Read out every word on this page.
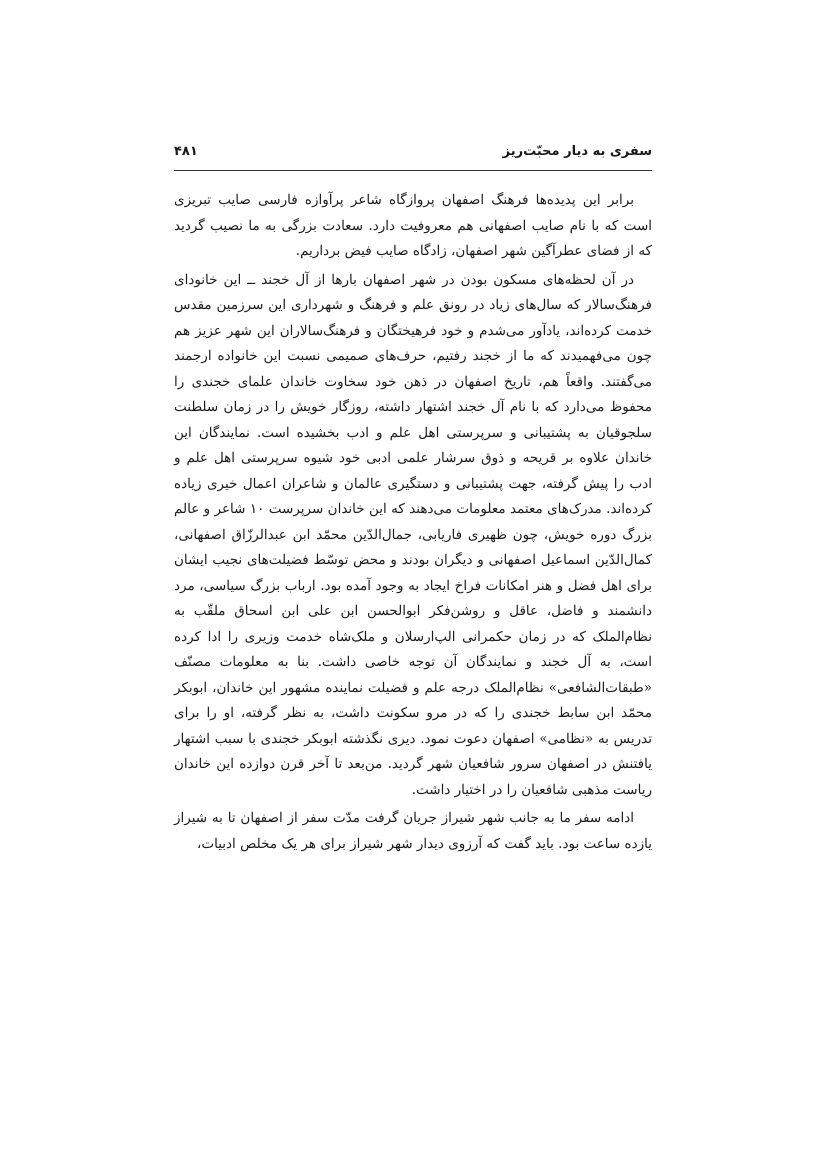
سفری به دیار محبّت‌ریز
۴۸۱

برابر این پدیده‌ها فرهنگ اصفهان پروازگاه شاعر پرآوازه فارسی صایب تبریزی است که با نام صایب اصفهانی هم معروفیت دارد. سعادت بزرگی به ما نصیب گردید که از فضای عطرآگین شهر اصفهان، زادگاه صایب فیض برداریم.

در آن لحظه‌های مسکون بودن در شهر اصفهان بارها از آل خجند ــ این خانودای فرهنگ‌سالار که سال‌های زیاد در رونق علم و فرهنگ و شهرداری این سرزمین مقدس خدمت کرده‌اند، یادآور می‌شدم و خود فرهیختگان و فرهنگ‌سالاران این شهر عزیز هم چون می‌فهمیدند که ما از خجند رفتیم، حرف‌های صمیمی نسبت این خانواده ارجمند می‌گفتند. واقعاً هم، تاریخ اصفهان در ذهن خود سخاوت خاندان علمای خجندی را محفوظ می‌دارد که با نام آل خجند اشتهار داشته، روزگار خویش را در زمان سلطنت سلجوقیان به پشتیبانی و سرپرستی اهل علم و ادب بخشیده است. نمایندگان این خاندان علاوه بر قریحه و ذوق سرشار علمی ادبی خود شیوه سرپرستی اهل علم و ادب را پیش گرفته، جهت پشتیبانی و دستگیری عالمان و شاعران اعمال خیری زیاده کرده‌اند. مدرک‌های معتمد معلومات می‌دهند که این خاندان سرپرست ۱۰ شاعر و عالم بزرگ دوره خویش، چون ظهیری فاریابی، جمال‌الدّین محمّد ابن عبدالرزّاق اصفهانی، کمال‌الدّین اسماعیل اصفهانی و دیگران بودند و محض توسّط فضیلت‌های نجیب ایشان برای اهل فضل و هنر امکانات فراخ ایجاد به وجود آمده بود. ارباب بزرگ سیاسی، مرد دانشمند و فاضل، عاقل و روشن‌فکر ابوالحسن ابن علی ابن اسحاق ملقّب به نظام‌الملک که در زمان حکمرانی الپ‌ارسلان و ملک‌شاه خدمت وزیری را ادا کرده است، به آل خجند و نمایندگان آن توجه خاصی داشت. بنا به معلومات مصنّف «طبقات‌الشافعی» نظام‌الملک درجه علم و فضیلت نماینده مشهور این خاندان، ابوبکر محمّد ابن سابط خجندی را که در مرو سکونت داشت، به نظر گرفته، او را برای تدریس به «نظامی» اصفهان دعوت نمود. دیری نگذشته ابوبکر خجندی با سبب اشتهار یافتنش در اصفهان سرور شافعیان شهر گردید. من‌بعد تا آخر قرن دوازده این خاندان ریاست مذهبی شافعیان را در اختیار داشت.

ادامه سفر ما به جانب شهر شیراز جریان گرفت مدّت سفر از اصفهان تا به شیراز یازده ساعت بود. باید گفت که آرزوی دیدار شهر شیراز برای هر یک مخلص ادبیات،
